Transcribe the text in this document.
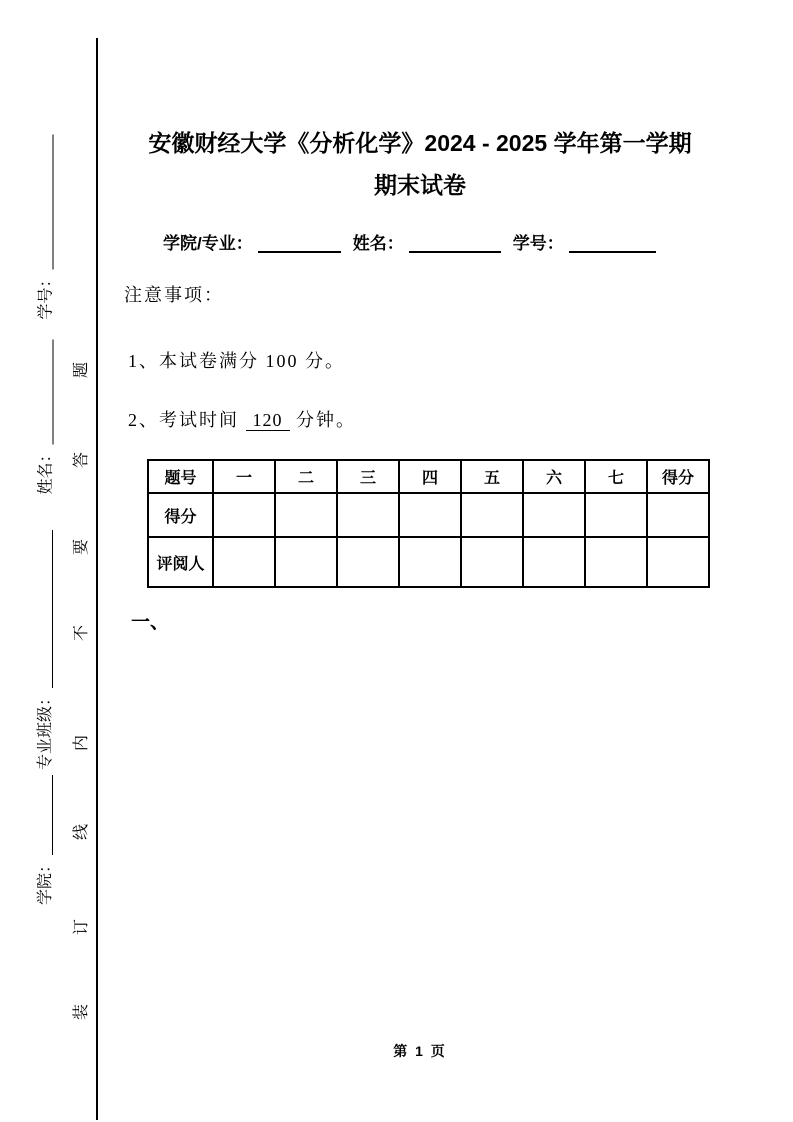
学号：
姓名：
专业班级：
学院：
题
答
要
不
内
线
订
装
安徽财经大学《分析化学》2024 - 2025 学年第一学期
期末试卷
学院/专业：	姓名：	学号：
注意事项：
1、本试卷满分 100 分。
2、考试时间 120 分钟。
题号	一	二	三	四	五	六	七	得分
得分								
评阅人								
一、
第 1 页
